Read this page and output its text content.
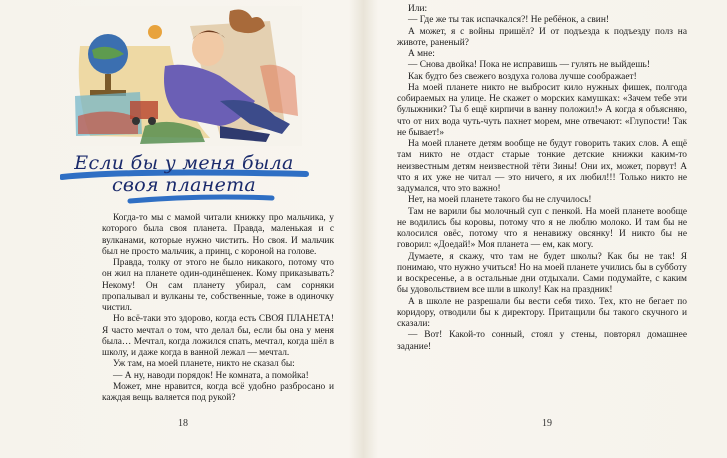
Если бы у меня была своя планета

Когда-то мы с мамой читали книжку про мальчика, у которого была своя планета. Правда, маленькая и с вулканами, которые нужно чистить. Но своя. И мальчик был не просто мальчик, а принц, с короной на голове.

Правда, толку от этого не было никакого, потому что он жил на планете один-одинёшенек. Кому приказывать? Некому! Он сам планету убирал, сам сорняки пропалывал и вулканы те, собственные, тоже в одиночку чистил.

Но всё-таки это здорово, когда есть СВОЯ ПЛАНЕТА! Я часто мечтал о том, что делал бы, если бы она у меня была… Мечтал, когда ложился спать, мечтал, когда шёл в школу, и даже когда в ванной лежал — мечтал.

Уж там, на моей планете, никто не сказал бы:

— А ну, наводи порядок! Не комната, а помойка!

Может, мне нравится, когда всё удобно разбросано и каждая вещь валяется под рукой?

18

Или:

— Где же ты так испачкался?! Не ребёнок, а свин!

А может, я с войны пришёл? И от подъезда к подъезду полз на животе, раненый?

А мне:

— Снова двойка! Пока не исправишь — гулять не выйдешь!

Как будто без свежего воздуха голова лучше соображает!

На моей планете никто не выбросит кило нужных фишек, полгода собираемых на улице. Не скажет о морских камушках: «Зачем тебе эти булыжники? Ты б ещё кирпичи в ванну положил!» А когда я объясняю, что от них вода чуть-чуть пахнет морем, мне отвечают: «Глупости! Так не бывает!»

На моей планете детям вообще не будут говорить таких слов. А ещё там никто не отдаст старые тонкие детские книжки каким-то неизвестным детям неизвестной тёти Зины! Они их, может, порвут! А что я их уже не читал — это ничего, я их любил!!! Только никто не задумался, что это важно!

Нет, на моей планете такого бы не случилось!

Там не варили бы молочный суп с пенкой. На моей планете вообще не водились бы коровы, потому что я не люблю молоко. И там бы не колосился овёс, потому что я ненавижу овсянку! И никто бы не говорил: «Доедай!» Моя планета — ем, как могу.

Думаете, я скажу, что там не будет школы? Как бы не так! Я понимаю, что нужно учиться! Но на моей планете учились бы в субботу и воскресенье, а в остальные дни отдыхали. Сами подумайте, с каким бы удовольствием все шли в школу! Как на праздник!

А в школе не разрешали бы вести себя тихо. Тех, кто не бегает по коридору, отводили бы к директору. Притащили бы такого скучного и сказали:

— Вот! Какой-то сонный, стоял у стены, повторял домашнее задание!

19
